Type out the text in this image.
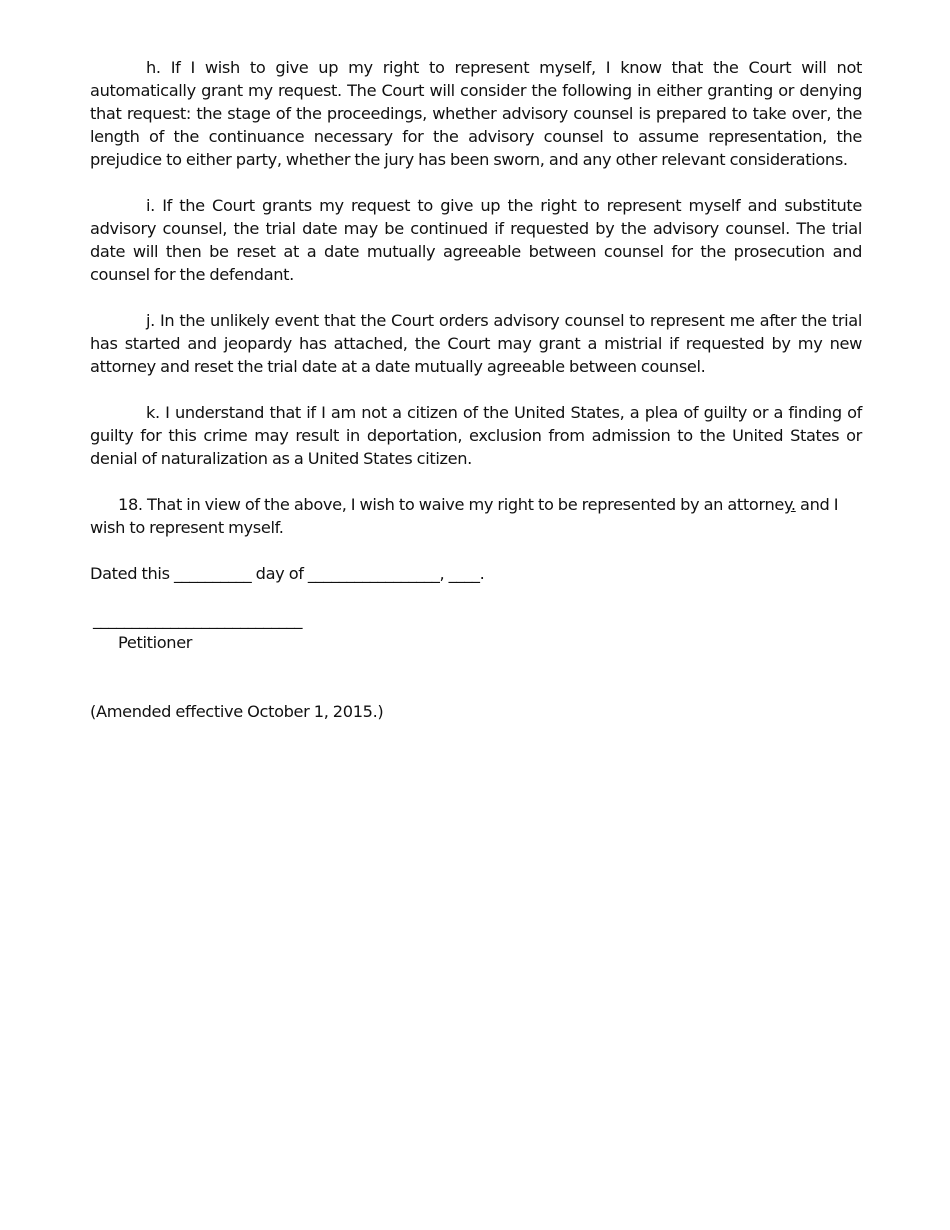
h. If I wish to give up my right to represent myself, I know that the Court will not automatically grant my request. The Court will consider the following in either granting or denying that request: the stage of the proceedings, whether advisory counsel is prepared to take over, the length of the continuance necessary for the advisory counsel to assume representation, the prejudice to either party, whether the jury has been sworn, and any other relevant considerations.

i. If the Court grants my request to give up the right to represent myself and substitute advisory counsel, the trial date may be continued if requested by the advisory counsel. The trial date will then be reset at a date mutually agreeable between counsel for the prosecution and counsel for the defendant.

j. In the unlikely event that the Court orders advisory counsel to represent me after the trial has started and jeopardy has attached, the Court may grant a mistrial if requested by my new attorney and reset the trial date at a date mutually agreeable between counsel.

k. I understand that if I am not a citizen of the United States, a plea of guilty or a finding of guilty for this crime may result in deportation, exclusion from admission to the United States or denial of naturalization as a United States citizen.

18. That in view of the above, I wish to waive my right to be represented by an attorney. and I wish to represent myself.

Dated this __________ day of _________________, ____.

___________________________

Petitioner

(Amended effective October 1, 2015.)
